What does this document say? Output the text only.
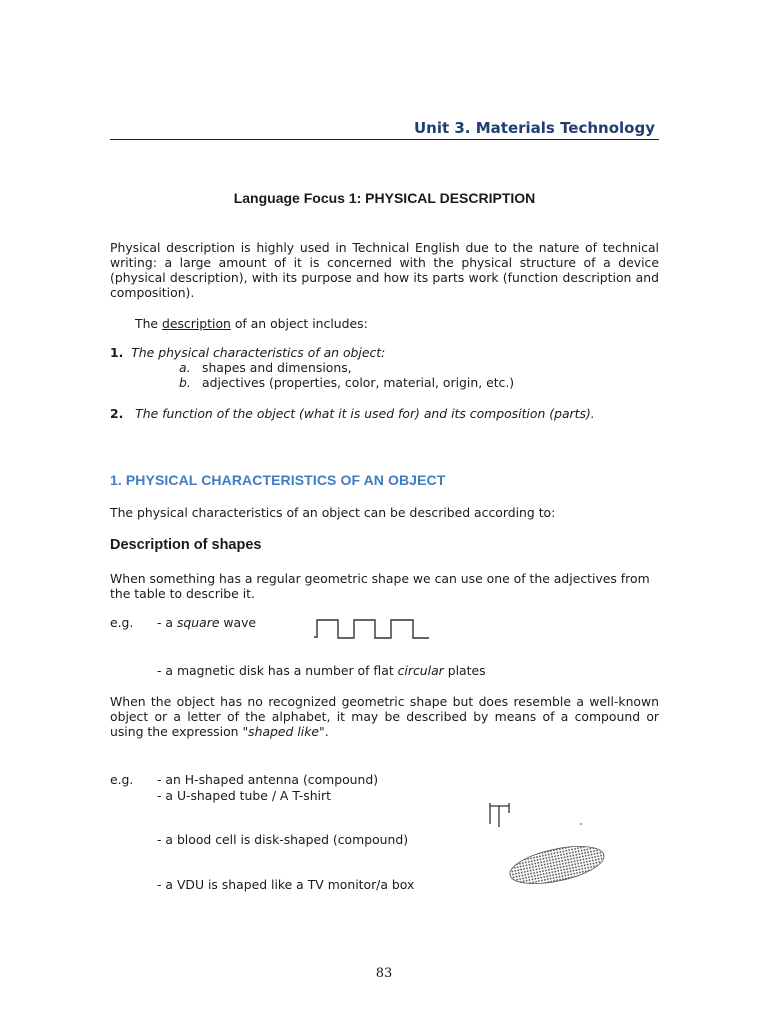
Unit 3. Materials Technology
Language Focus 1: PHYSICAL DESCRIPTION
Physical description is highly used in Technical English due to the nature of technical writing: a large amount of it is concerned with the physical structure of a device (physical description), with its purpose and how its parts work (function description and composition).
The description of an object includes:
1. The physical characteristics of an object:
a. shapes and dimensions,
b. adjectives (properties, color, material, origin, etc.)
2. The function of the object (what it is used for) and its composition (parts).
1. PHYSICAL CHARACTERISTICS OF AN OBJECT
The physical characteristics of an object can be described according to:
Description of shapes
When something has a regular geometric shape we can use one of the adjectives from the table to describe it.
e.g. - a square wave
- a magnetic disk has a number of flat circular plates
When the object has no recognized geometric shape but does resemble a well-known object or a letter of the alphabet, it may be described by means of a compound or using the expression "shaped like".
e.g. - an H-shaped antenna (compound)
- a U-shaped tube / A T-shirt
- a blood cell is disk-shaped (compound)
- a VDU is shaped like a TV monitor/a box
83
